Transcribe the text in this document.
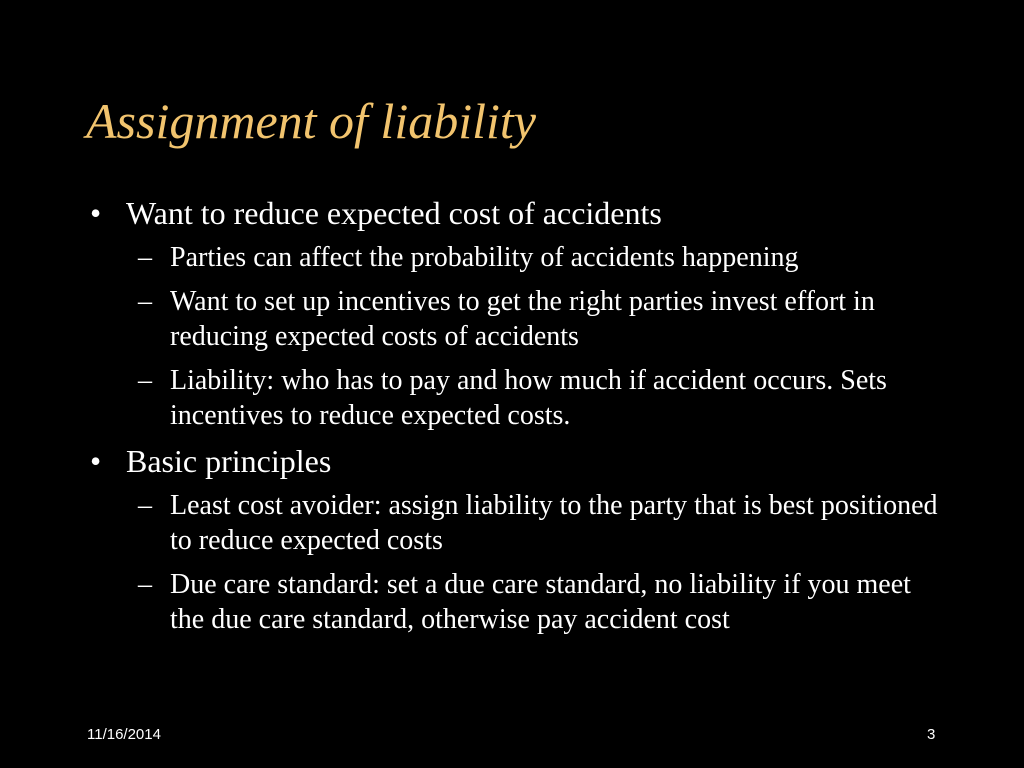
Assignment of liability
• Want to reduce expected cost of accidents
– Parties can affect the probability of accidents happening
– Want to set up incentives to get the right parties invest effort in reducing expected costs of accidents
– Liability: who has to pay and how much if accident occurs. Sets incentives to reduce expected costs.
• Basic principles
– Least cost avoider: assign liability to the party that is best positioned to reduce expected costs
– Due care standard: set a due care standard, no liability if you meet the due care standard, otherwise pay accident cost
11/16/2014	3
